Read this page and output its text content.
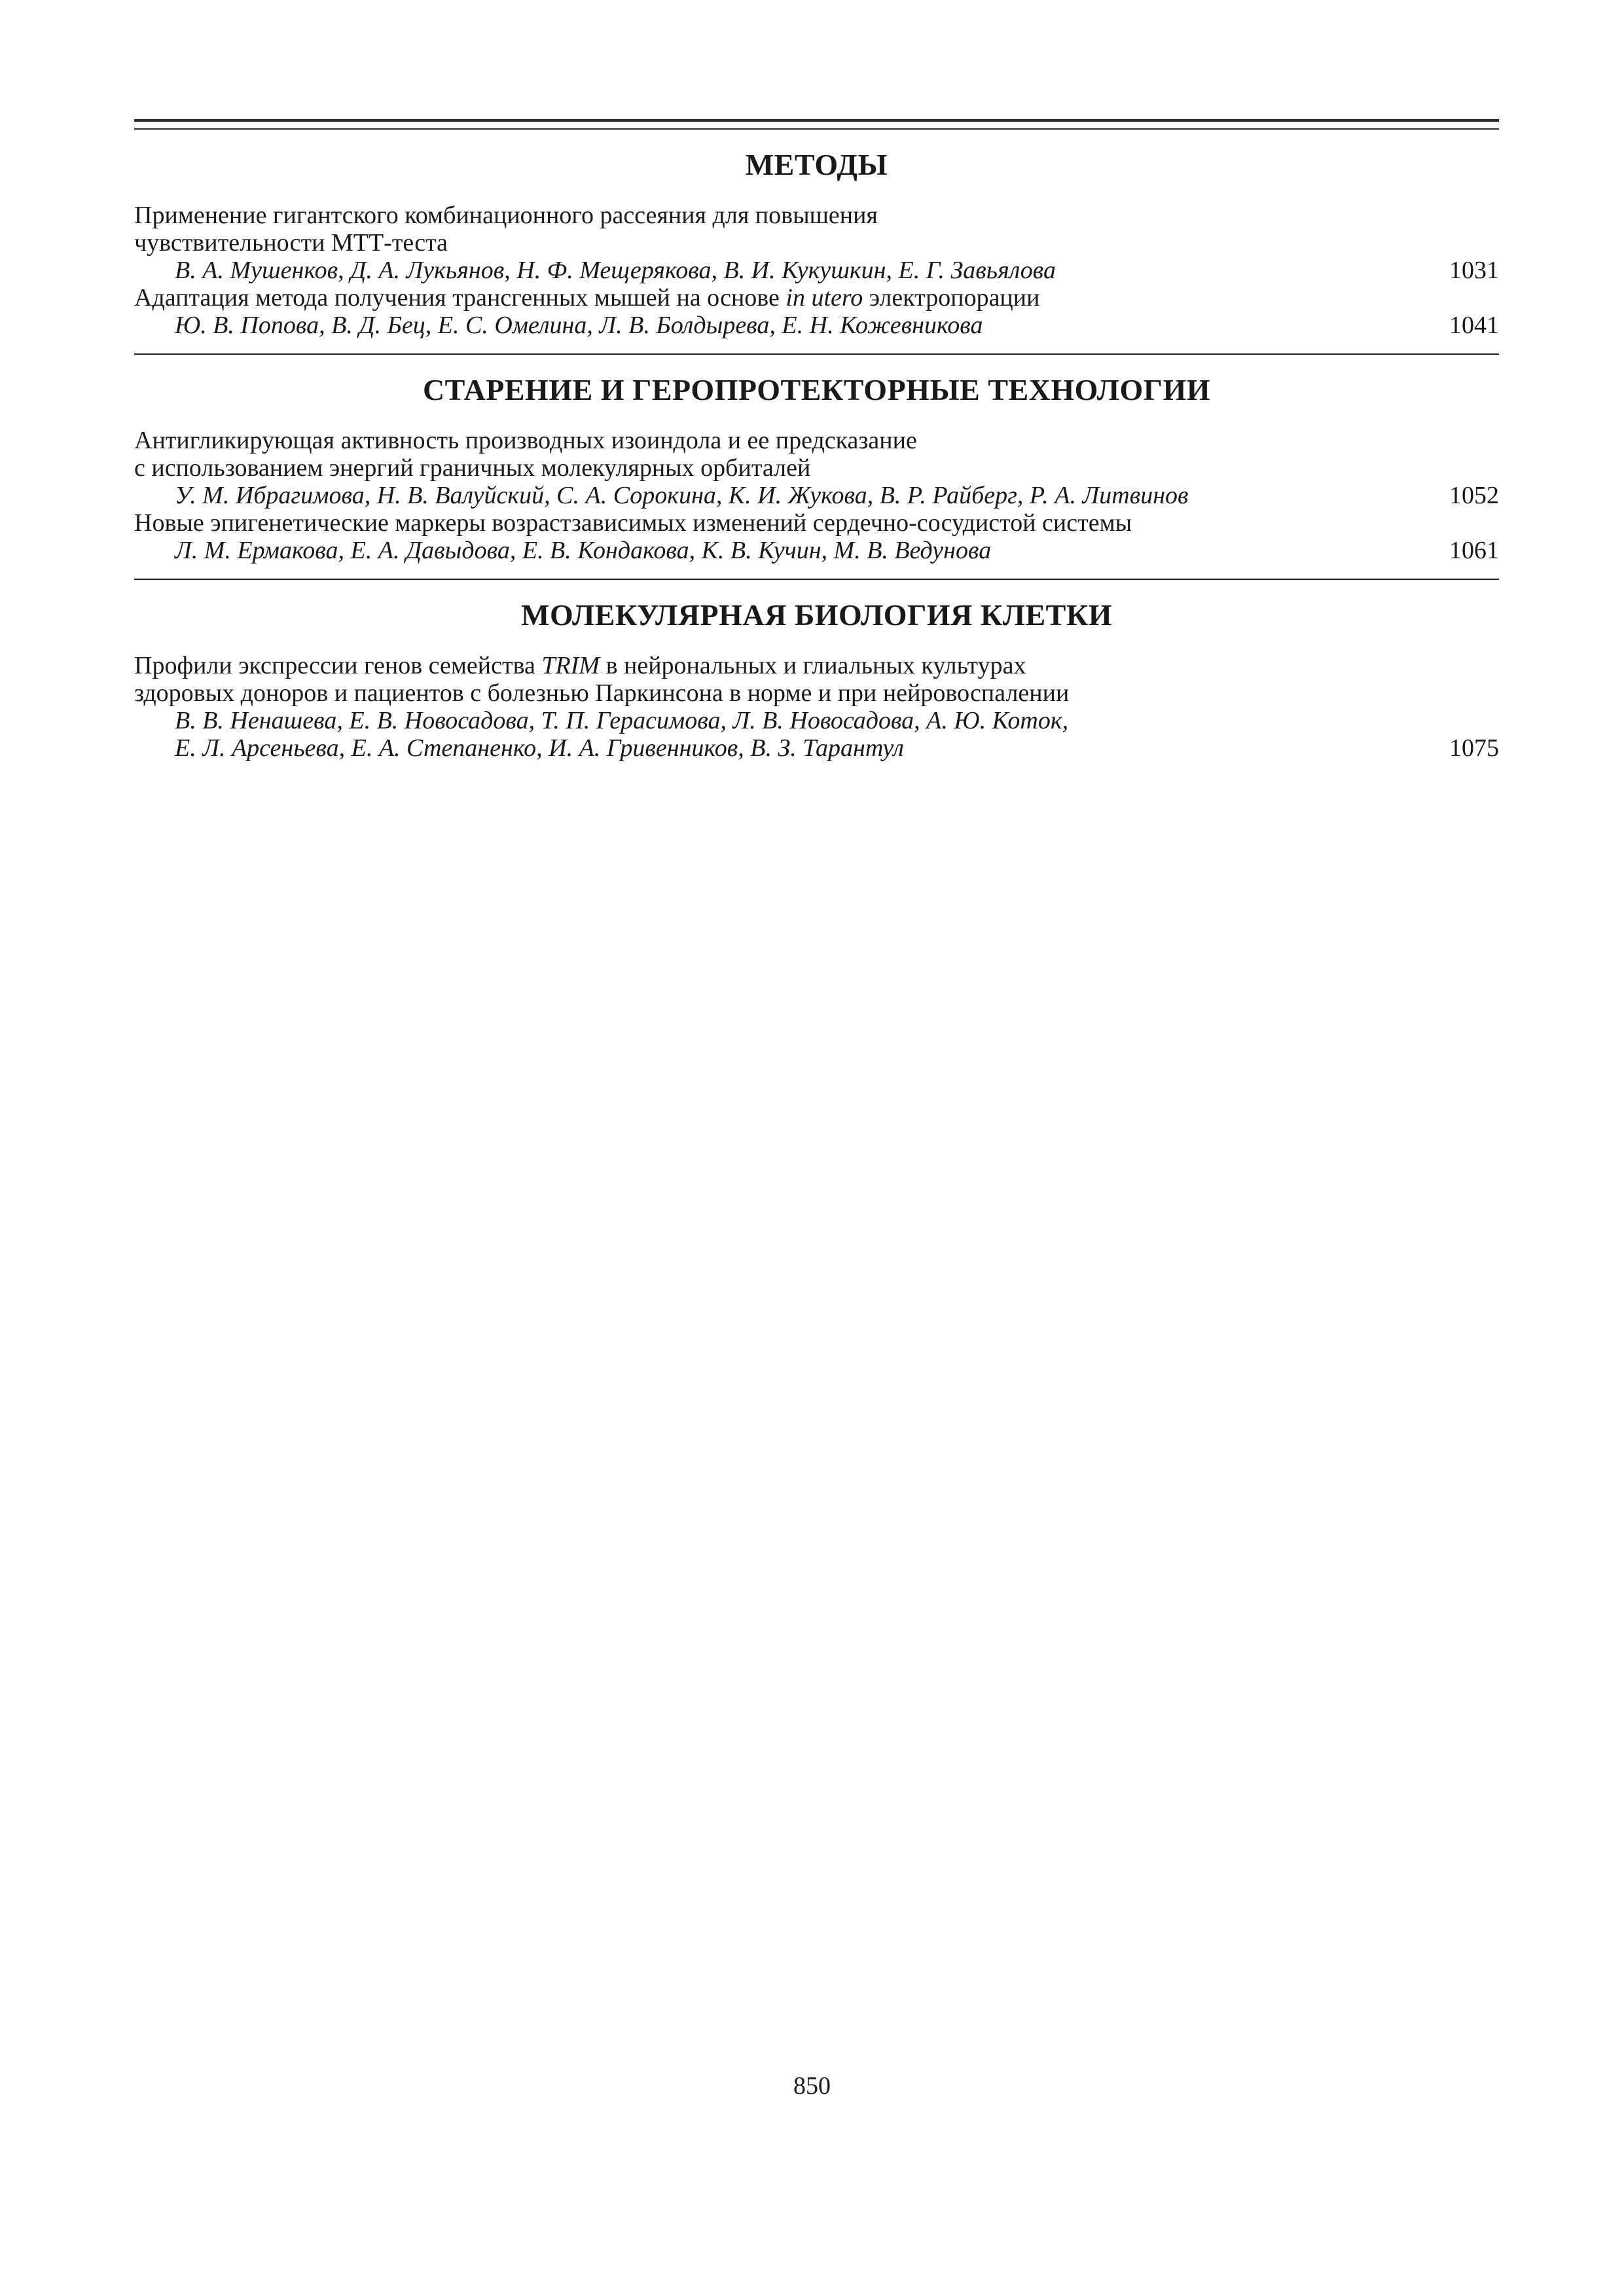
МЕТОДЫ
Применение гигантского комбинационного рассеяния для повышения
чувствительности МТТ-теста
В. А. Мушенков, Д. А. Лукьянов, Н. Ф. Мещерякова, В. И. Кукушкин, Е. Г. Завьялова	1031
Адаптация метода получения трансгенных мышей на основе in utero электропорации
Ю. В. Попова, В. Д. Бец, Е. С. Омелина, Л. В. Болдырева, Е. Н. Кожевникова	1041
СТАРЕНИЕ И ГЕРОПРОТЕКТОРНЫЕ ТЕХНОЛОГИИ
Антигликирующая активность производных изоиндола и ее предсказание
с использованием энергий граничных молекулярных орбиталей
У. М. Ибрагимова, Н. В. Валуйский, С. А. Сорокина, К. И. Жукова, В. Р. Райберг, Р. А. Литвинов	1052
Новые эпигенетические маркеры возрастзависимых изменений сердечно-сосудистой системы
Л. М. Ермакова, Е. А. Давыдова, Е. В. Кондакова, К. В. Кучин, М. В. Ведунова	1061
МОЛЕКУЛЯРНАЯ БИОЛОГИЯ КЛЕТКИ
Профили экспрессии генов семейства TRIM в нейрональных и глиальных культурах
здоровых доноров и пациентов с болезнью Паркинсона в норме и при нейровоспалении
В. В. Ненашева, Е. В. Новосадова, Т. П. Герасимова, Л. В. Новосадова, А. Ю. Коток,
Е. Л. Арсеньева, Е. А. Степаненко, И. А. Гривенников, В. З. Тарантул	1075
850
